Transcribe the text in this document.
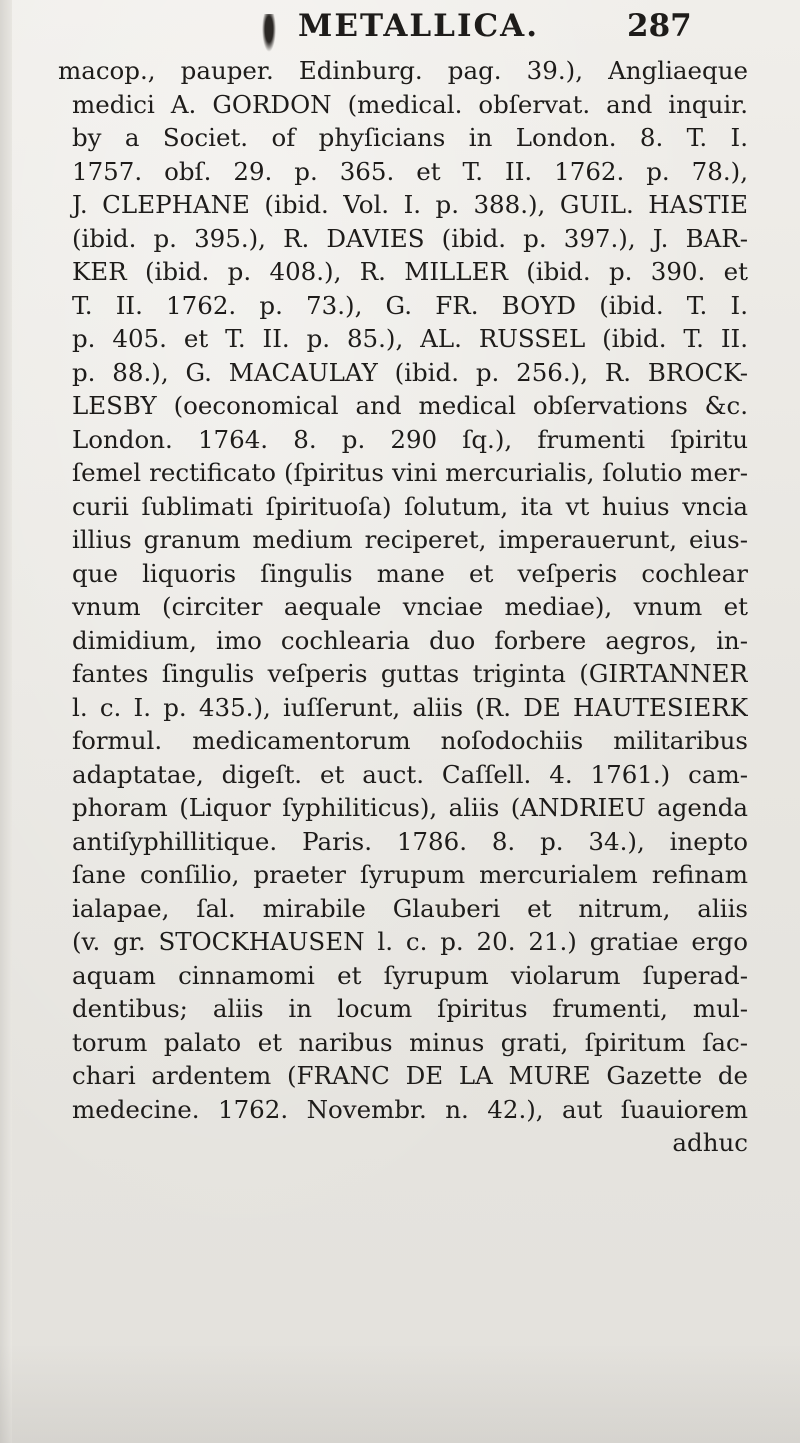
METALLICA.	287
macop., pauper. Edinburg. pag. 39.), Angliaeque
medici A. GORDON (medical. obſervat. and inquir.
by a Societ. of phyſicians in London. 8. T. I.
1757. obſ. 29. p. 365. et T. II. 1762. p. 78.),
J. CLEPHANE (ibid. Vol. I. p. 388.), GUIL. HASTIE
(ibid. p. 395.), R. DAVIES (ibid. p. 397.), J. BAR-
KER (ibid. p. 408.), R. MILLER (ibid. p. 390. et
T. II. 1762. p. 73.), G. FR. BOYD (ibid. T. I.
p. 405. et T. II. p. 85.), AL. RUSSEL (ibid. T. II.
p. 88.), G. MACAULAY (ibid. p. 256.), R. BROCK-
LESBY (oeconomical and medical obſervations &c.
London. 1764. 8. p. 290 ſq.), frumenti ſpiritu
ſemel rectificato (ſpiritus vini mercurialis, ſolutio mer-
curii ſublimati ſpirituoſa) ſolutum, ita vt huius vncia
illius granum medium reciperet, imperauerunt, eius-
que liquoris ſingulis mane et veſperis cochlear
vnum (circiter aequale vnciae mediae), vnum et
dimidium, imo cochlearia duo forbere aegros, in-
fantes ſingulis veſperis guttas triginta (GIRTANNER
l. c. I. p. 435.), iuſſerunt, aliis (R. DE HAUTESIERK
formul. medicamentorum noſodochiis militaribus
adaptatae, digeſt. et auct. Caſſell. 4. 1761.) cam-
phoram (Liquor ſyphiliticus), aliis (ANDRIEU agenda
antiſyphillitique. Paris. 1786. 8. p. 34.), inepto
ſane conſilio, praeter ſyrupum mercurialem refinam
ialapae, ſal. mirabile Glauberi et nitrum, aliis
(v. gr. STOCKHAUSEN l. c. p. 20. 21.) gratiae ergo
aquam cinnamomi et ſyrupum violarum ſuperad-
dentibus; aliis in locum ſpiritus frumenti, mul-
torum palato et naribus minus grati, ſpiritum ſac-
chari ardentem (FRANC DE LA MURE Gazette de
medecine. 1762. Novembr. n. 42.), aut ſuauiorem
adhuc
